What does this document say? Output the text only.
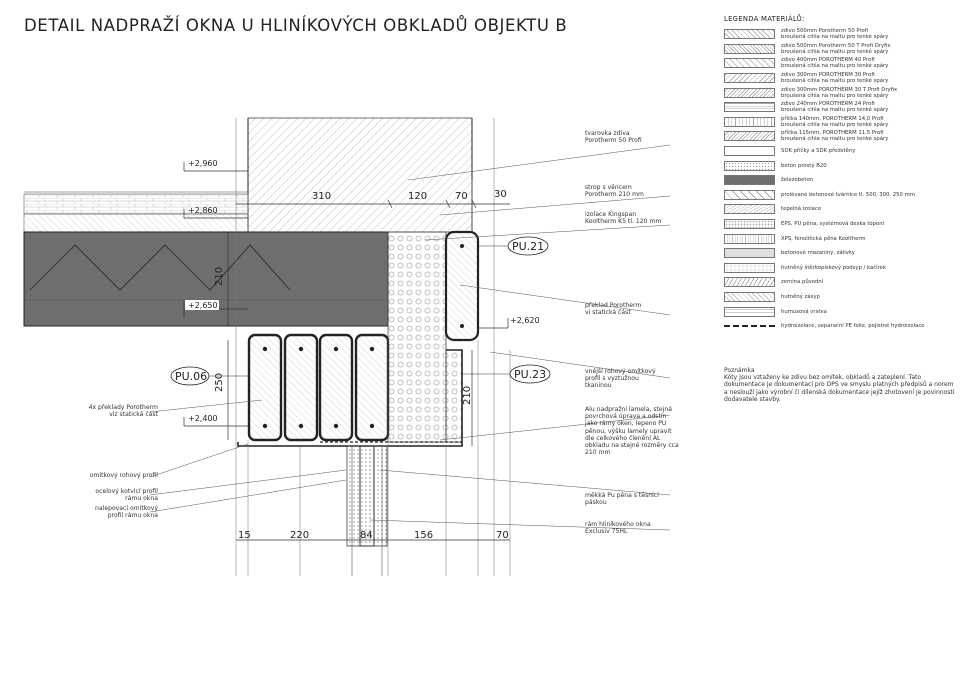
DETAIL NADPRAŽÍ OKNA U HLINÍKOVÝCH OBKLADŮ OBJEKTU B
310	120	70	30
15	220	84	156	70
210
250
210
+2,960
+2,860
+2,650
+2,400
+2,620
PU.21
PU.06	PU.23
tvarovka zdiva
Porotherm 50 Profi
strop s věncem
Porotherm 210 mm
izolace Kingspan
Kooltherm K5 tl. 120 mm
překlad Porotherm
vi statická část
vnější rohový omítkový
profil s vyztužnou
tkaninou
Alu nadpražní lamela, stejná
povrchová úprava a odstín
jako rámy oken, lepeno PU
pěnou, výšku lamely upravit
dle celkového členění AL
obkladu na stejné rozměry cca
210 mm
měkká Pu pěna s těsnicí
páskou
rám hliníkového okna
Exclusiv 75HL
4x překlady Porotherm
viz statická část
omítkový rohový profil
ocelový kotvicí profil
rámu okna
nalepovací omítkový
profil rámu okna
LEGENDA MATERIÁLŮ:
zdivo 500mm Porotherm 50 Profi
broušená cihla na maltu pro tenké spáry
zdivo 500mm Porotherm 50 T Profi Dryfix
broušená cihla na maltu pro tenké spáry
zdivo 400mm POROTHERM 40 Profi
broušená cihla na maltu pro tenké spáry
zdivo 300mm POROTHERM 30 Profi
broušená cihla na maltu pro tenké spáry
zdivo 300mm POROTHERM 30 T Profi Dryfix
broušená cihla na maltu pro tenké spáry
zdivo 240mm POROTHERM 24 Profi
broušená cihla na maltu pro tenké spáry
příčka 140mm, POROTHERM 14,0 Profi
broušená cihla na maltu pro tenké spáry
příčka 115mm, POROTHERM 11,5 Profi
broušená cihla na maltu pro tenké spáry
SDK příčky a SDK předstěny
beton prostý B20
železobeton
prolévané betonové tvárnice tl. 500, 300, 250 mm
tepelná izolace
EPS, PU pěna, systémová deska topení
XPS, fenolitická pěna Kooltherm
betonové mazaniny, zálivky
hutněný štěrkopískový podsyp / kačírek
zemina původní
hutněný zásyp
humusová vrstva
hydroizolace, separační PE folie, pojistné hydroizolace
Poznámka
Kóty jsou vztaženy ke zdivu bez omítek, obkladů a zateplení. Tato dokumentace je dokumentací pro DPS ve smyslu platných předpisů a norem a neslouží jako výrobní či dílenská dokumentace jejíž zhotovení je povinností dodavatele stavby.
